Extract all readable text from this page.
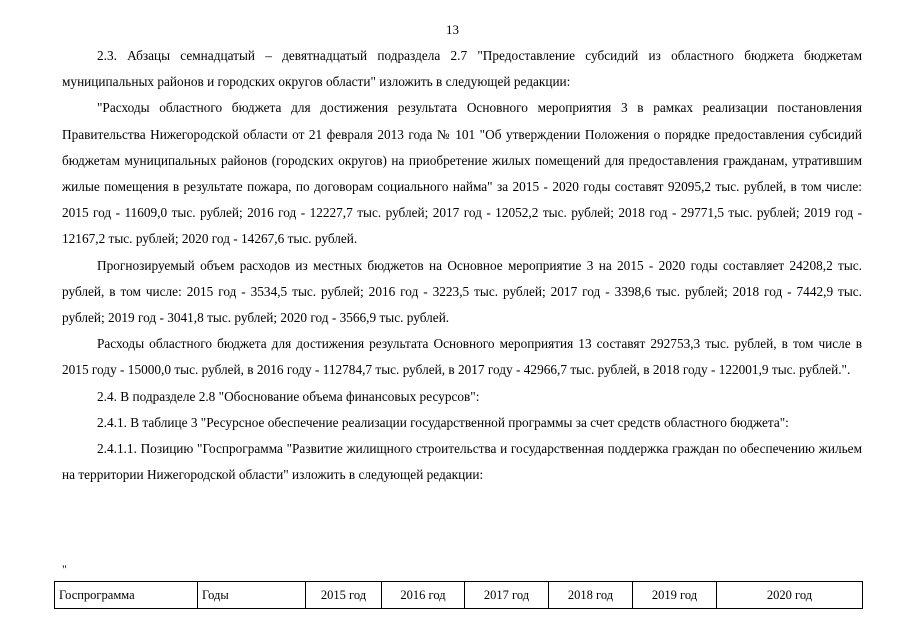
13

2.3. Абзацы семнадцатый – девятнадцатый подраздела 2.7 "Предоставление субсидий из областного бюджета бюджетам муниципальных районов и городских округов области" изложить в следующей редакции:

"Расходы областного бюджета для достижения результата Основного мероприятия 3 в рамках реализации постановления Правительства Нижегородской области от 21 февраля 2013 года № 101 "Об утверждении Положения о порядке предоставления субсидий бюджетам муниципальных районов (городских округов) на приобретение жилых помещений для предоставления гражданам, утратившим жилые помещения в результате пожара, по договорам социального найма" за 2015 - 2020 годы составят 92095,2 тыс. рублей, в том числе: 2015 год - 11609,0 тыс. рублей; 2016 год - 12227,7 тыс. рублей; 2017 год - 12052,2 тыс. рублей; 2018 год - 29771,5 тыс. рублей; 2019 год - 12167,2 тыс. рублей; 2020 год - 14267,6 тыс. рублей.

Прогнозируемый объем расходов из местных бюджетов на Основное мероприятие 3 на 2015 - 2020 годы составляет 24208,2 тыс. рублей, в том числе: 2015 год - 3534,5 тыс. рублей; 2016 год - 3223,5 тыс. рублей; 2017 год - 3398,6 тыс. рублей; 2018 год - 7442,9 тыс. рублей; 2019 год - 3041,8 тыс. рублей; 2020 год - 3566,9 тыс. рублей.

Расходы областного бюджета для достижения результата Основного мероприятия 13 составят 292753,3 тыс. рублей, в том числе в 2015 году - 15000,0 тыс. рублей, в 2016 году - 112784,7 тыс. рублей, в 2017 году - 42966,7 тыс. рублей, в 2018 году - 122001,9 тыс. рублей.".

2.4. В подразделе 2.8 "Обоснование объема финансовых ресурсов":

2.4.1. В таблице 3 "Ресурсное обеспечение реализации государственной программы за счет средств областного бюджета":

2.4.1.1. Позицию "Госпрограмма "Развитие жилищного строительства и государственная поддержка граждан по обеспечению жильем на территории Нижегородской области" изложить в следующей редакции:

"
Госпрограмма	Годы	2015 год	2016 год	2017 год	2018 год	2019 год	2020 год
